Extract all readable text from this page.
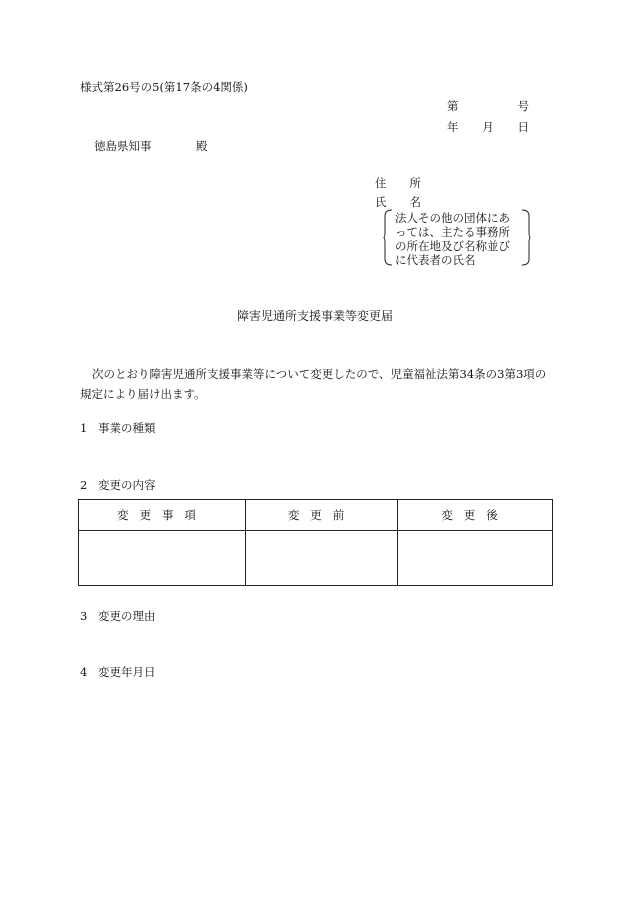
様式第26号の5(第17条の4関係)
第	号
年 月 日
徳島県知事	殿
住 所
氏 名
法人その他の団体にあっては、主たる事務所の所在地及び名称並びに代表者の氏名
障害児通所支援事業等変更届
次のとおり障害児通所支援事業等について変更したので、児童福祉法第34条の3第3項の規定により届け出ます。
1 事業の種類
2 変更の内容
変更事項	変更前	変更後

3 変更の理由
4 変更年月日
